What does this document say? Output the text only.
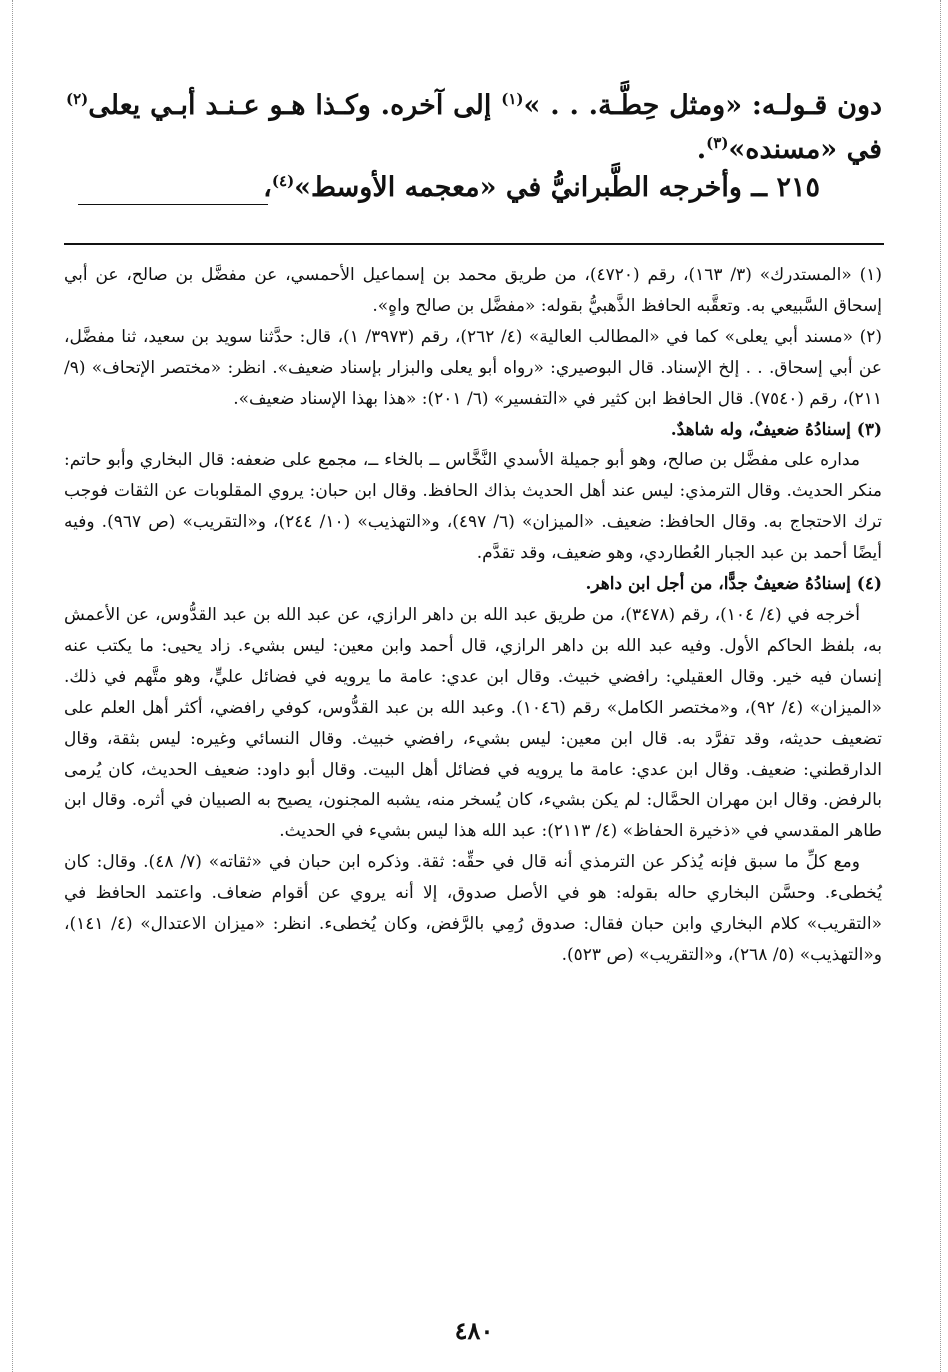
دون قـولـه: «ومثل حِطَّـة. . . »$^{(١)}$ إلى آخره. وكـذا هـو عـنـد أبـي يعلى$^{(٢)}$ في «مسنده»$^{(٣)}$.

٢١٥ ــ وأخرجه الطَّبرانيُّ في «معجمه الأوسط»$^{(٤)}$،

(١) «المستدرك» (٣/ ١٦٣)، رقم (٤٧٢٠)، من طريق محمد بن إسماعيل الأحمسي، عن مفضَّل بن صالح، عن أبي إسحاق السَّبيعي به. وتعقَّبه الحافظ الذَّهبيُّ بقوله: «مفضَّل بن صالح واهٍ».

(٢) «مسند أبي يعلى» كما في «المطالب العالية» (٤/ ٢٦٢)، رقم (٣٩٧٣/ ١)، قال: حدَّثنا سويد بن سعيد، ثنا مفضَّل، عن أبي إسحاق. . . إلخ الإسناد. قال البوصيري: «رواه أبو يعلى والبزار بإسناد ضعيف». انظر: «مختصر الإتحاف» (٩/ ٢١١)، رقم (٧٥٤٠). قال الحافظ ابن كثير في «التفسير» (٦/ ٢٠١): «هذا بهذا الإسناد ضعيف».

(٣) إسنادُهُ ضعيفٌ، وله شاهدٌ.

مداره على مفضَّل بن صالح، وهو أبو جميلة الأسدي النَّخَّاس ــ بالخاء ــ، مجمع على ضعفه: قال البخاري وأبو حاتم: منكر الحديث. وقال الترمذي: ليس عند أهل الحديث بذاك الحافظ. وقال ابن حبان: يروي المقلوبات عن الثقات فوجب ترك الاحتجاج به. وقال الحافظ: ضعيف. «الميزان» (٦/ ٤٩٧)، و«التهذيب» (١٠/ ٢٤٤)، و«التقريب» (ص ٩٦٧). وفيه أيضًا أحمد بن عبد الجبار العُطاردي، وهو ضعيف، وقد تقدَّم.

(٤) إسنادُهُ ضعيفٌ جدًّا، من أجل ابن داهر.

أخرجه في (٤/ ١٠٤)، رقم (٣٤٧٨)، من طريق عبد الله بن داهر الرازي، عن عبد الله بن عبد القدُّوس، عن الأعمش به، بلفظ الحاكم الأول. وفيه عبد الله بن داهر الرازي، قال أحمد وابن معين: ليس بشيء. زاد يحيى: ما يكتب عنه إنسان فيه خير. وقال العقيلي: رافضي خبيث. وقال ابن عدي: عامة ما يرويه في فضائل عليٍّ، وهو متَّهم في ذلك. «الميزان» (٤/ ٩٢)، و«مختصر الكامل» رقم (١٠٤٦). وعبد الله بن عبد القدُّوس، كوفي رافضي، أكثر أهل العلم على تضعيف حديثه، وقد تفرَّد به. قال ابن معين: ليس بشيء، رافضي خبيث. وقال النسائي وغيره: ليس بثقة، وقال الدارقطني: ضعيف. وقال ابن عدي: عامة ما يرويه في فضائل أهل البيت. وقال أبو داود: ضعيف الحديث، كان يُرمى بالرفض. وقال ابن مهران الحمَّال: لم يكن بشيء، كان يُسخر منه، يشبه المجنون، يصيح به الصبيان في أثره. وقال ابن طاهر المقدسي في «ذخيرة الحفاظ» (٤/ ٢١١٣): عبد الله هذا ليس بشيء في الحديث.

ومع كلِّ ما سبق فإنه يُذكر عن الترمذي أنه قال في حقِّه: ثقة. وذكره ابن حبان في «ثقاته» (٧/ ٤٨). وقال: كان يُخطىء. وحسَّن البخاري حاله بقوله: هو في الأصل صدوق، إلا أنه يروي عن أقوام ضعاف. واعتمد الحافظ في «التقريب» كلام البخاري وابن حبان فقال: صدوق رُمِي بالرَّفض، وكان يُخطىء. انظر: «ميزان الاعتدال» (٤/ ١٤١)، و«التهذيب» (٥/ ٢٦٨)، و«التقريب» (ص ٥٢٣).

٤٨٠
